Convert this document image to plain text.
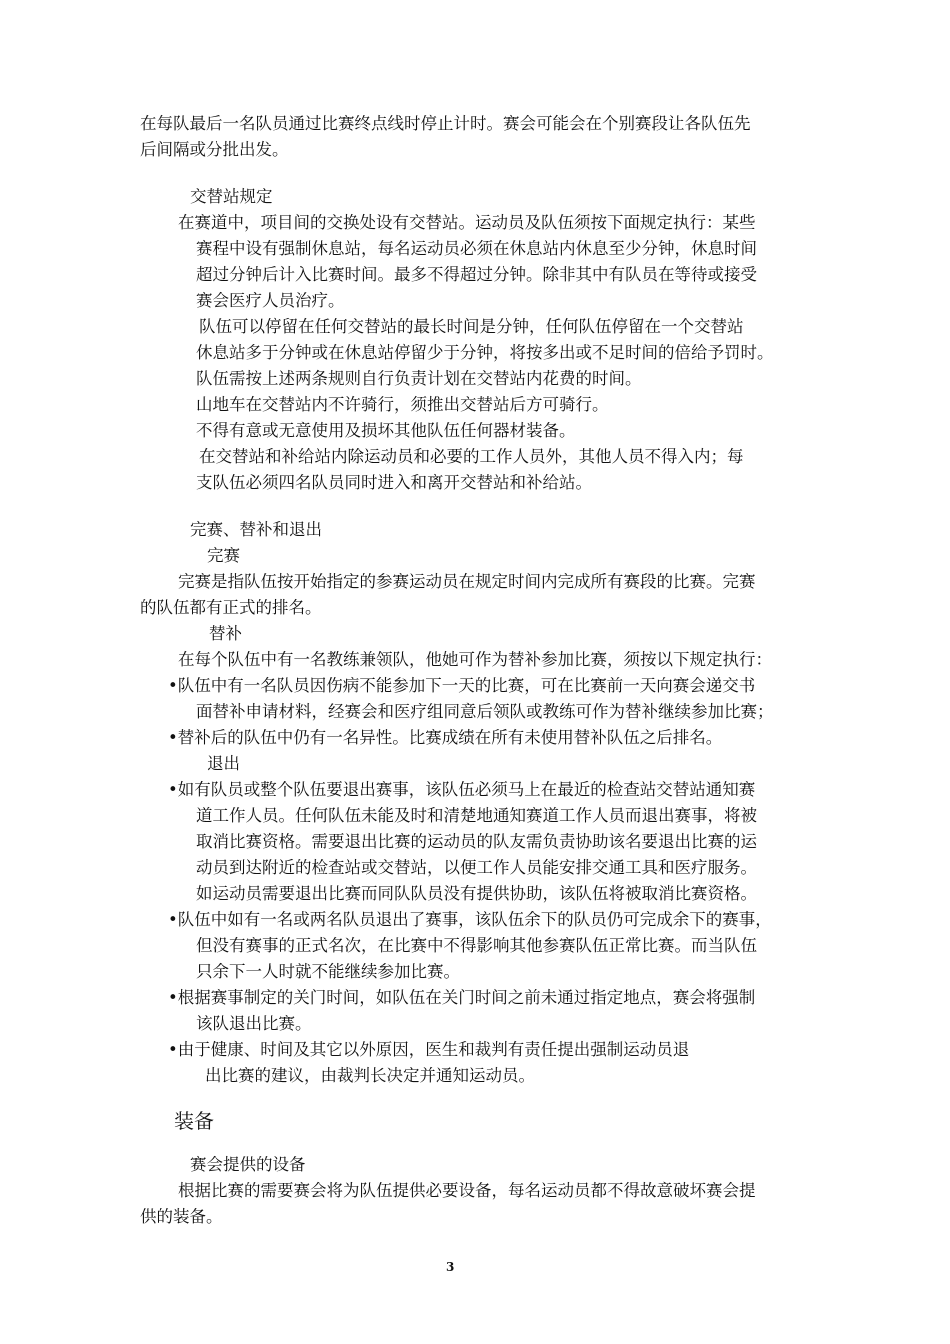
在每队最后一名队员通过比赛终点线时停止计时。赛会可能会在个别赛段让各队伍先
后间隔或分批出发。
交替站规定
在赛道中，项目间的交换处设有交替站。运动员及队伍须按下面规定执行：某些
赛程中设有强制休息站，每名运动员必须在休息站内休息至少分钟，休息时间
超过分钟后计入比赛时间。最多不得超过分钟。除非其中有队员在等待或接受
赛会医疗人员治疗。
队伍可以停留在任何交替站的最长时间是分钟，任何队伍停留在一个交替站
休息站多于分钟或在休息站停留少于分钟，将按多出或不足时间的倍给予罚时。
队伍需按上述两条规则自行负责计划在交替站内花费的时间。
山地车在交替站内不许骑行，须推出交替站后方可骑行。
不得有意或无意使用及损坏其他队伍任何器材装备。
在交替站和补给站内除运动员和必要的工作人员外，其他人员不得入内；每
支队伍必须四名队员同时进入和离开交替站和补给站。
完赛、替补和退出
完赛
完赛是指队伍按开始指定的参赛运动员在规定时间内完成所有赛段的比赛。完赛
的队伍都有正式的排名。
替补
在每个队伍中有一名教练兼领队，他她可作为替补参加比赛，须按以下规定执行：
•队伍中有一名队员因伤病不能参加下一天的比赛，可在比赛前一天向赛会递交书
面替补申请材料，经赛会和医疗组同意后领队或教练可作为替补继续参加比赛；
•替补后的队伍中仍有一名异性。比赛成绩在所有未使用替补队伍之后排名。
退出
•如有队员或整个队伍要退出赛事，该队伍必须马上在最近的检查站交替站通知赛
道工作人员。任何队伍未能及时和清楚地通知赛道工作人员而退出赛事，将被
取消比赛资格。需要退出比赛的运动员的队友需负责协助该名要退出比赛的运
动员到达附近的检查站或交替站，以便工作人员能安排交通工具和医疗服务。
如运动员需要退出比赛而同队队员没有提供协助，该队伍将被取消比赛资格。
•队伍中如有一名或两名队员退出了赛事，该队伍余下的队员仍可完成余下的赛事，
但没有赛事的正式名次，在比赛中不得影响其他参赛队伍正常比赛。而当队伍
只余下一人时就不能继续参加比赛。
•根据赛事制定的关门时间，如队伍在关门时间之前未通过指定地点，赛会将强制
该队退出比赛。
•由于健康、时间及其它以外原因，医生和裁判有责任提出强制运动员退
出比赛的建议，由裁判长决定并通知运动员。
装备
赛会提供的设备
根据比赛的需要赛会将为队伍提供必要设备，每名运动员都不得故意破坏赛会提
供的装备。
3
